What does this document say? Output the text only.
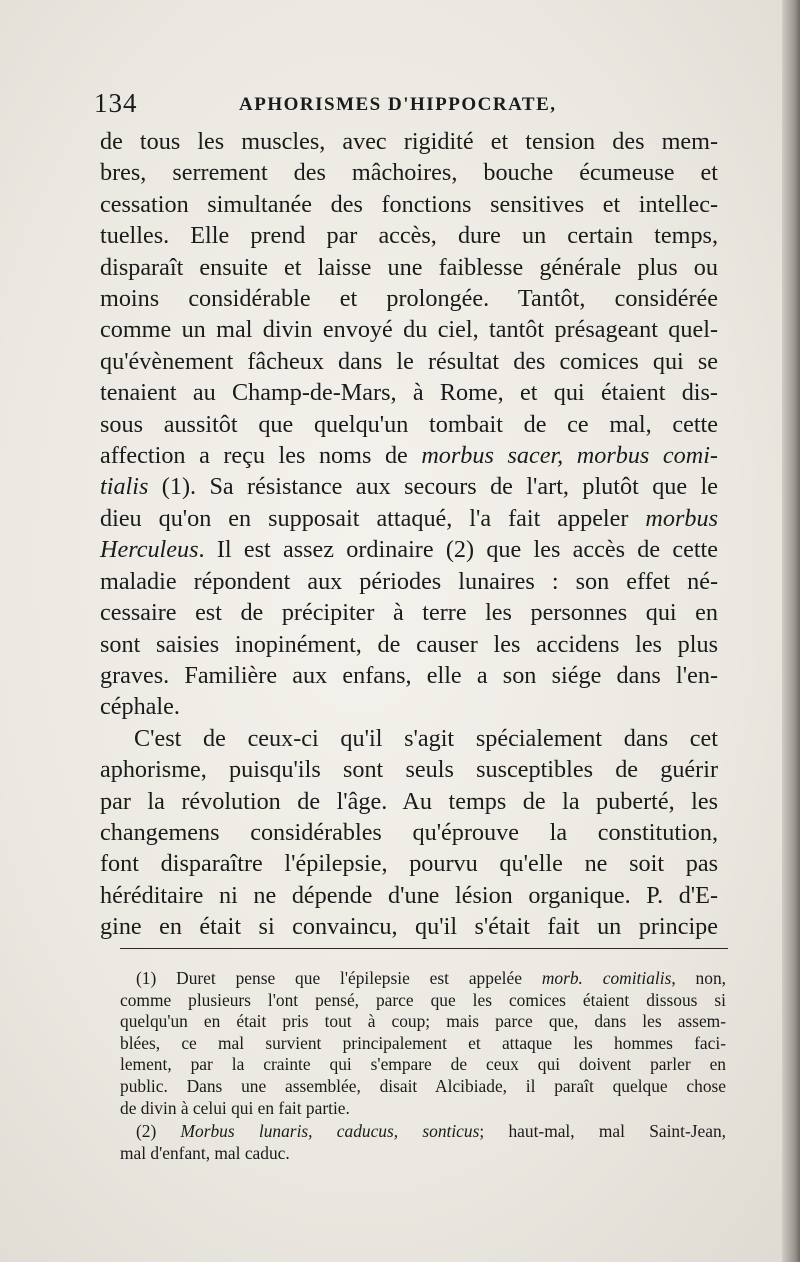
134	APHORISMES D'HIPPOCRATE,

de tous les muscles, avec rigidité et tension des mem-
bres, serrement des mâchoires, bouche écumeuse et
cessation simultanée des fonctions sensitives et intellec-
tuelles. Elle prend par accès, dure un certain temps,
disparaît ensuite et laisse une faiblesse générale plus ou
moins considérable et prolongée. Tantôt, considérée
comme un mal divin envoyé du ciel, tantôt présageant quel-
qu'évènement fâcheux dans le résultat des comices qui se
tenaient au Champ-de-Mars, à Rome, et qui étaient dis-
sous aussitôt que quelqu'un tombait de ce mal, cette
affection a reçu les noms de morbus sacer, morbus comi-
tialis (1). Sa résistance aux secours de l'art, plutôt que le
dieu qu'on en supposait attaqué, l'a fait appeler morbus
Herculeus. Il est assez ordinaire (2) que les accès de cette
maladie répondent aux périodes lunaires : son effet né-
cessaire est de précipiter à terre les personnes qui en
sont saisies inopinément, de causer les accidens les plus
graves. Familière aux enfans, elle a son siége dans l'en-
céphale.

C'est de ceux-ci qu'il s'agit spécialement dans cet
aphorisme, puisqu'ils sont seuls susceptibles de guérir
par la révolution de l'âge. Au temps de la puberté, les
changemens considérables qu'éprouve la constitution,
font disparaître l'épilepsie, pourvu qu'elle ne soit pas
héréditaire ni ne dépende d'une lésion organique. P. d'E-
gine en était si convaincu, qu'il s'était fait un principe

(1) Duret pense que l'épilepsie est appelée morb. comitialis, non,
comme plusieurs l'ont pensé, parce que les comices étaient dissous si
quelqu'un en était pris tout à coup; mais parce que, dans les assem-
blées, ce mal survient principalement et attaque les hommes faci-
lement, par la crainte qui s'empare de ceux qui doivent parler en
public. Dans une assemblée, disait Alcibiade, il paraît quelque chose
de divin à celui qui en fait partie.

(2) Morbus lunaris, caducus, sonticus; haut-mal, mal Saint-Jean,
mal d'enfant, mal caduc.
